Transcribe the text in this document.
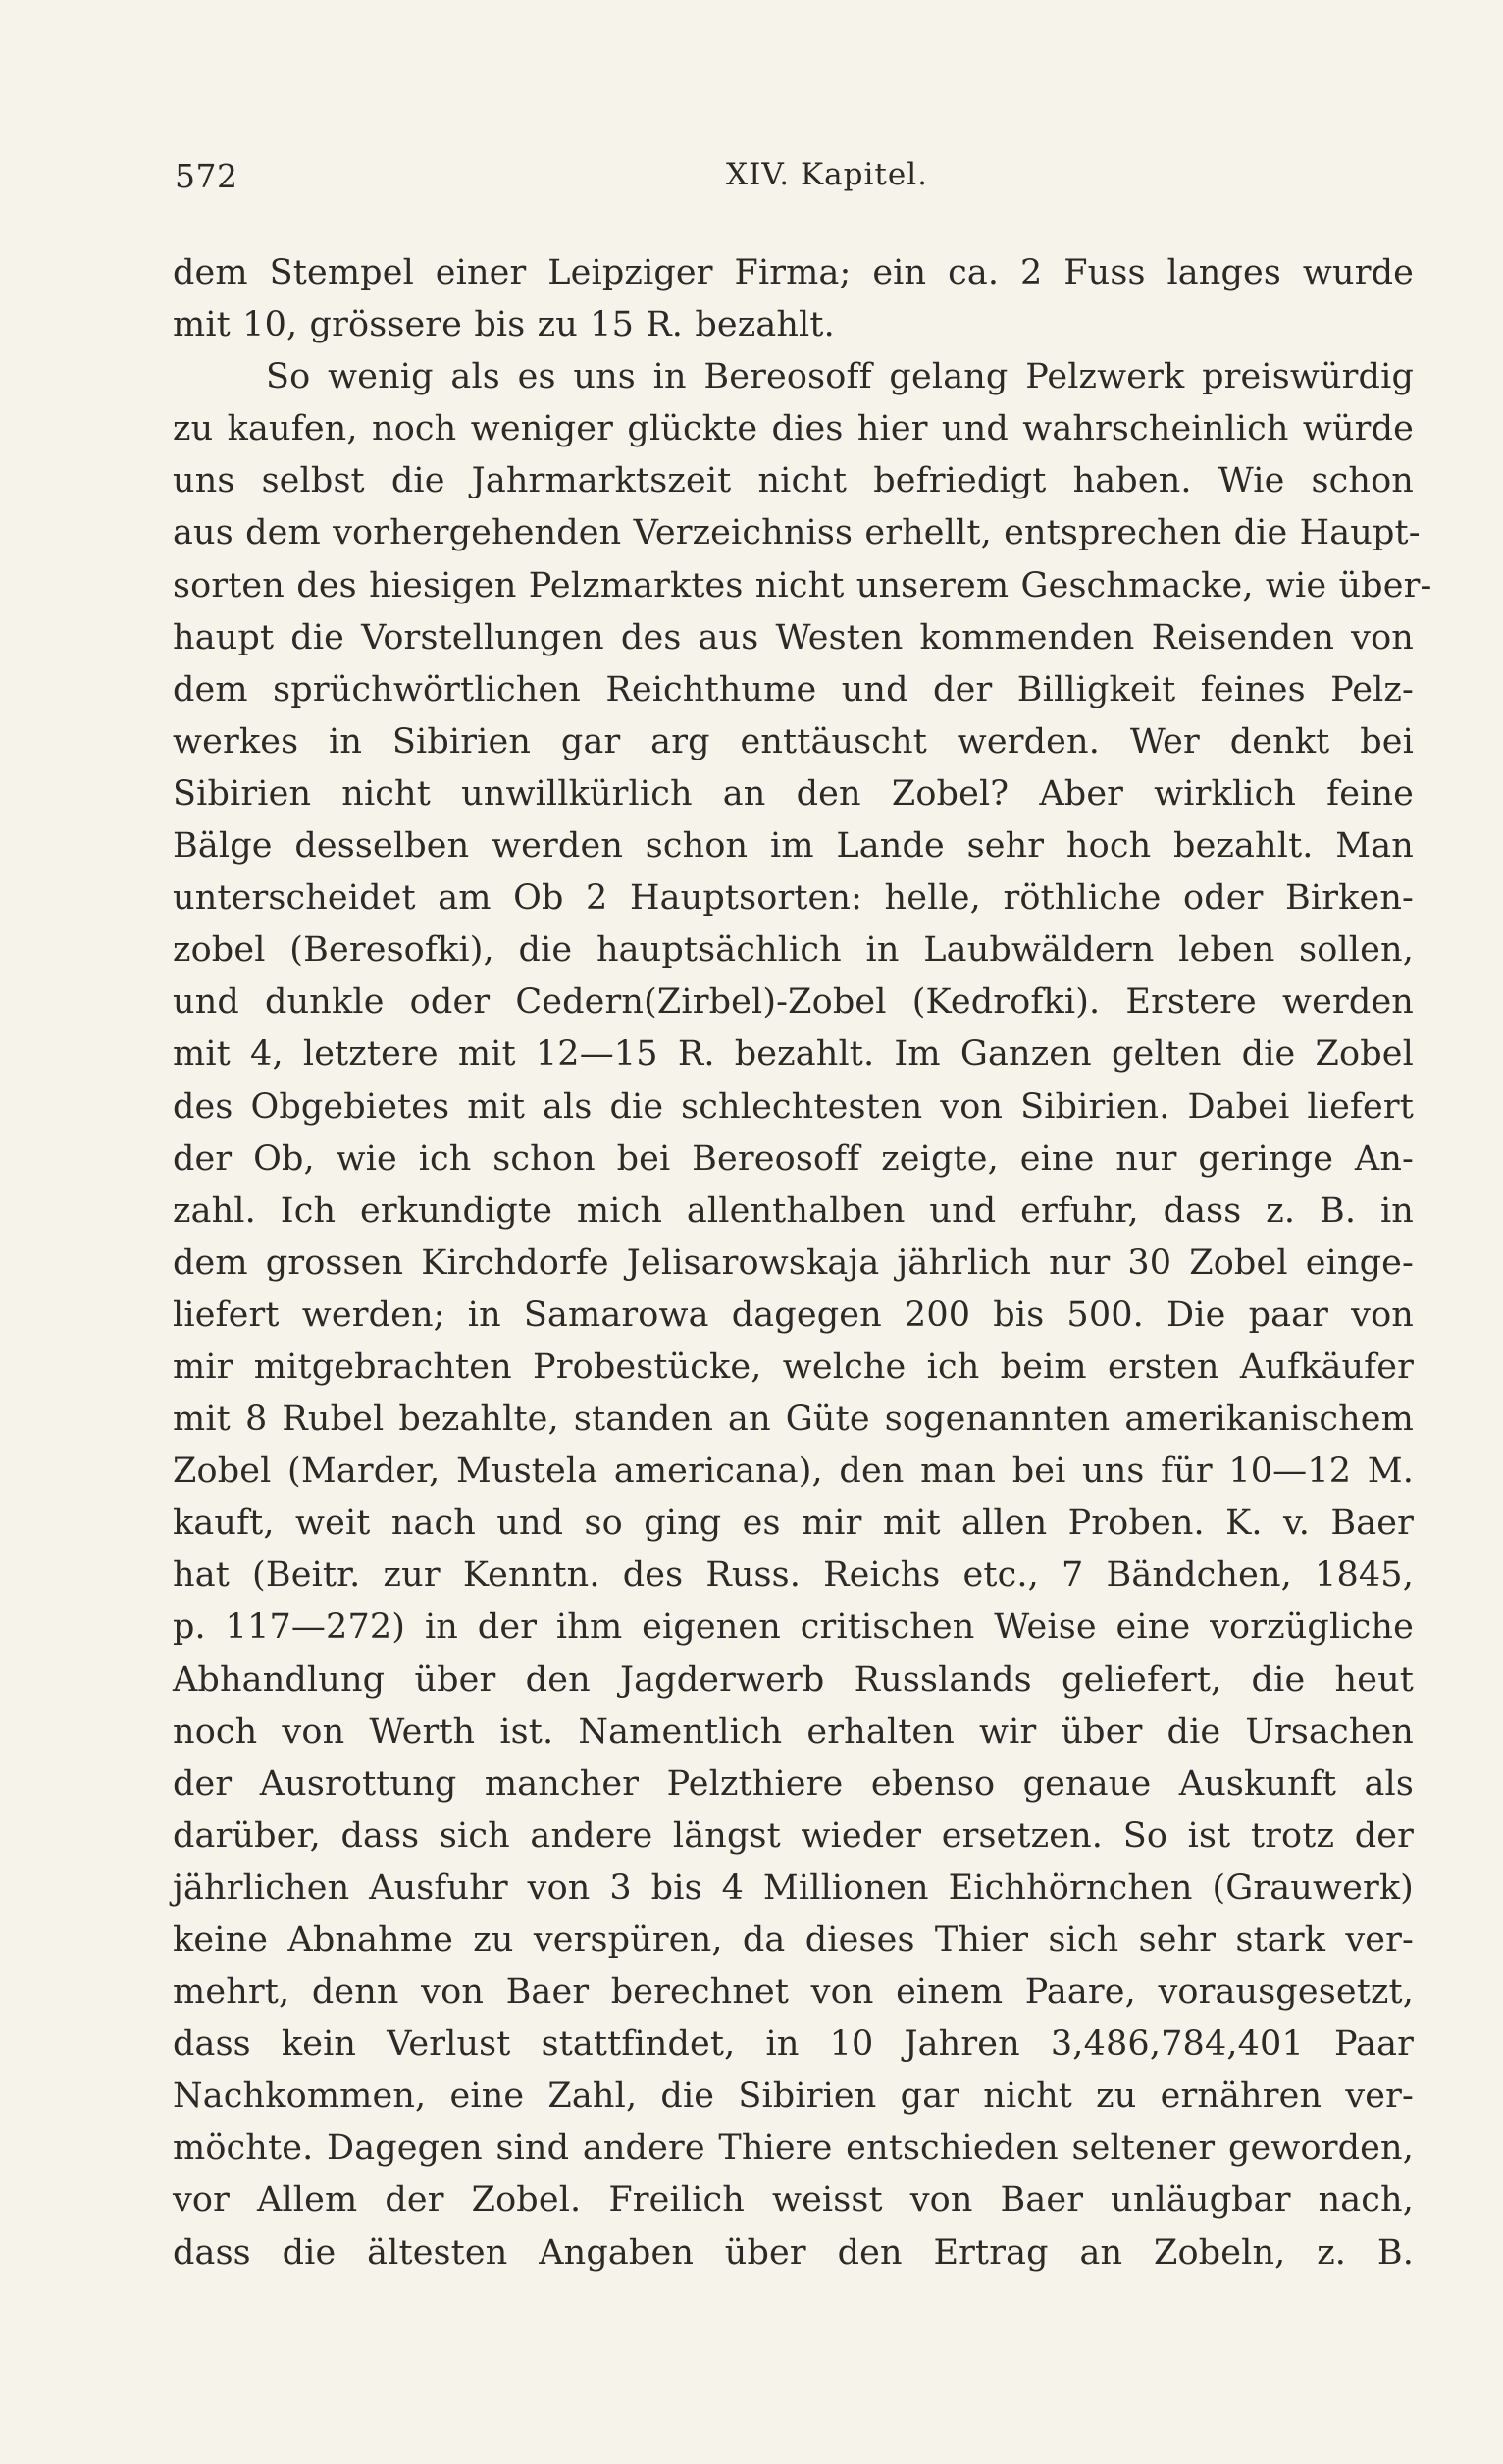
572	XIV. Kapitel.
dem Stempel einer Leipziger Firma; ein ca. 2 Fuss langes wurde
mit 10, grössere bis zu 15 R. bezahlt.
So wenig als es uns in Bereosoff gelang Pelzwerk preiswürdig
zu kaufen, noch weniger glückte dies hier und wahrscheinlich würde
uns selbst die Jahrmarktszeit nicht befriedigt haben. Wie schon
aus dem vorhergehenden Verzeichniss erhellt, entsprechen die Haupt-
sorten des hiesigen Pelzmarktes nicht unserem Geschmacke, wie über-
haupt die Vorstellungen des aus Westen kommenden Reisenden von
dem sprüchwörtlichen Reichthume und der Billigkeit feines Pelz-
werkes in Sibirien gar arg enttäuscht werden. Wer denkt bei
Sibirien nicht unwillkürlich an den Zobel? Aber wirklich feine
Bälge desselben werden schon im Lande sehr hoch bezahlt. Man
unterscheidet am Ob 2 Hauptsorten: helle, röthliche oder Birken-
zobel (Beresofki), die hauptsächlich in Laubwäldern leben sollen,
und dunkle oder Cedern(Zirbel)-Zobel (Kedrofki). Erstere werden
mit 4, letztere mit 12—15 R. bezahlt. Im Ganzen gelten die Zobel
des Obgebietes mit als die schlechtesten von Sibirien. Dabei liefert
der Ob, wie ich schon bei Bereosoff zeigte, eine nur geringe An-
zahl. Ich erkundigte mich allenthalben und erfuhr, dass z. B. in
dem grossen Kirchdorfe Jelisarowskaja jährlich nur 30 Zobel einge-
liefert werden; in Samarowa dagegen 200 bis 500. Die paar von
mir mitgebrachten Probestücke, welche ich beim ersten Aufkäufer
mit 8 Rubel bezahlte, standen an Güte sogenannten amerikanischem
Zobel (Marder, Mustela americana), den man bei uns für 10—12 M.
kauft, weit nach und so ging es mir mit allen Proben. K. v. Baer
hat (Beitr. zur Kenntn. des Russ. Reichs etc., 7 Bändchen, 1845,
p. 117—272) in der ihm eigenen critischen Weise eine vorzügliche
Abhandlung über den Jagderwerb Russlands geliefert, die heut
noch von Werth ist. Namentlich erhalten wir über die Ursachen
der Ausrottung mancher Pelzthiere ebenso genaue Auskunft als
darüber, dass sich andere längst wieder ersetzen. So ist trotz der
jährlichen Ausfuhr von 3 bis 4 Millionen Eichhörnchen (Grauwerk)
keine Abnahme zu verspüren, da dieses Thier sich sehr stark ver-
mehrt, denn von Baer berechnet von einem Paare, vorausgesetzt,
dass kein Verlust stattfindet, in 10 Jahren 3,486,784,401 Paar
Nachkommen, eine Zahl, die Sibirien gar nicht zu ernähren ver-
möchte. Dagegen sind andere Thiere entschieden seltener geworden,
vor Allem der Zobel. Freilich weisst von Baer unläugbar nach,
dass die ältesten Angaben über den Ertrag an Zobeln, z. B.
